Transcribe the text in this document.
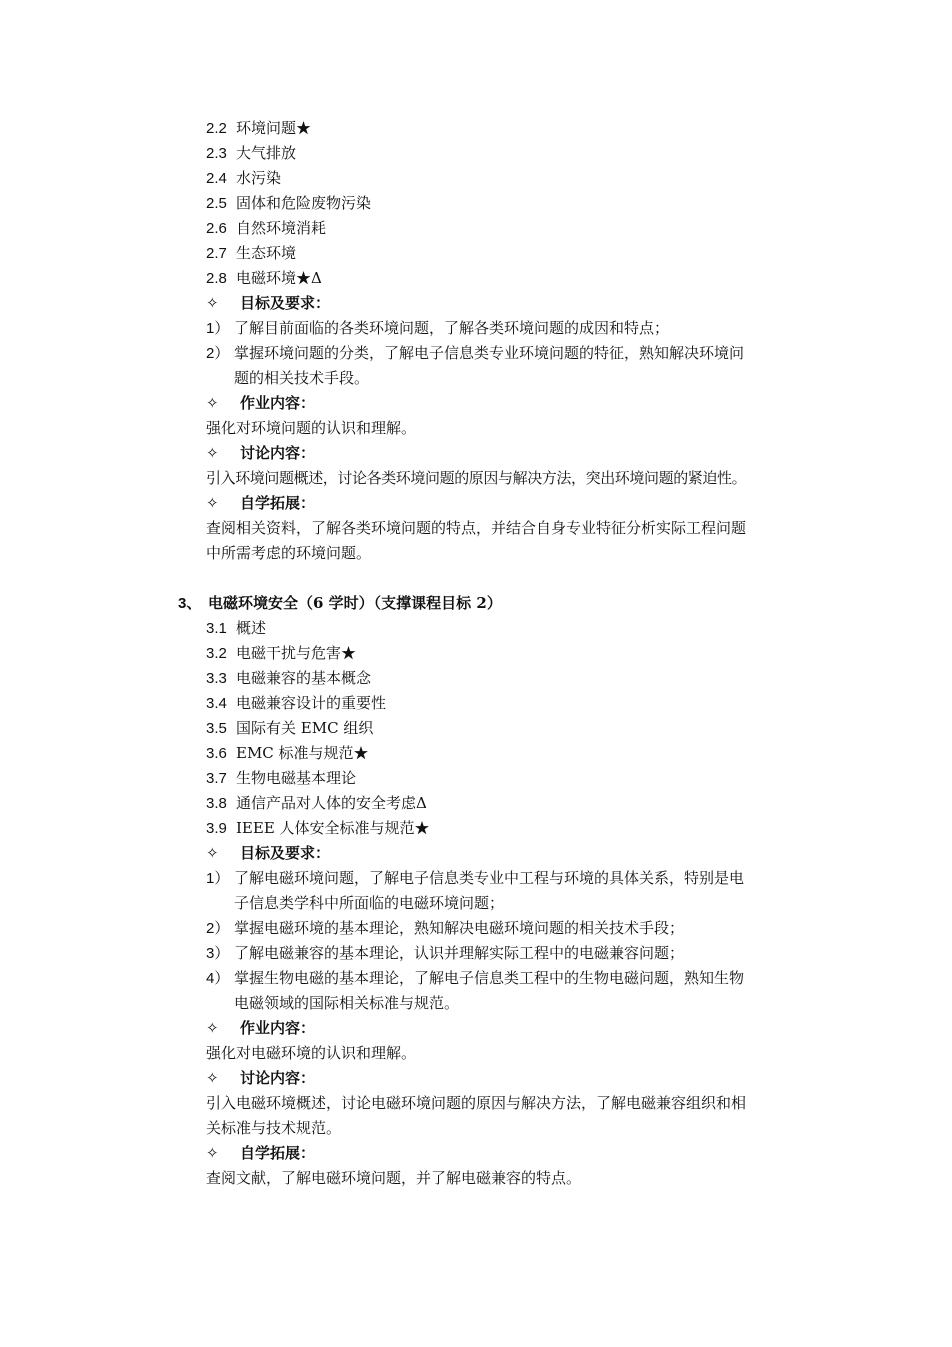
2.2 环境问题★
2.3 大气排放
2.4 水污染
2.5 固体和危险废物污染
2.6 自然环境消耗
2.7 生态环境
2.8 电磁环境★Δ
✧ 目标及要求：
1） 了解目前面临的各类环境问题，了解各类环境问题的成因和特点；
2） 掌握环境问题的分类，了解电子信息类专业环境问题的特征，熟知解决环境问
题的相关技术手段。
✧ 作业内容：
强化对环境问题的认识和理解。
✧ 讨论内容：
引入环境问题概述，讨论各类环境问题的原因与解决方法，突出环境问题的紧迫性。
✧ 自学拓展：
查阅相关资料，了解各类环境问题的特点，并结合自身专业特征分析实际工程问题
中所需考虑的环境问题。
3、 电磁环境安全（6 学时）（支撑课程目标 2）
3.1 概述
3.2 电磁干扰与危害★
3.3 电磁兼容的基本概念
3.4 电磁兼容设计的重要性
3.5 国际有关 EMC 组织
3.6 EMC 标准与规范★
3.7 生物电磁基本理论
3.8 通信产品对人体的安全考虑Δ
3.9 IEEE 人体安全标准与规范★
✧ 目标及要求：
1） 了解电磁环境问题，了解电子信息类专业中工程与环境的具体关系，特别是电
子信息类学科中所面临的电磁环境问题；
2） 掌握电磁环境的基本理论，熟知解决电磁环境问题的相关技术手段；
3） 了解电磁兼容的基本理论，认识并理解实际工程中的电磁兼容问题；
4） 掌握生物电磁的基本理论，了解电子信息类工程中的生物电磁问题，熟知生物
电磁领域的国际相关标准与规范。
✧ 作业内容：
强化对电磁环境的认识和理解。
✧ 讨论内容：
引入电磁环境概述，讨论电磁环境问题的原因与解决方法，了解电磁兼容组织和相
关标准与技术规范。
✧ 自学拓展：
查阅文献，了解电磁环境问题，并了解电磁兼容的特点。
